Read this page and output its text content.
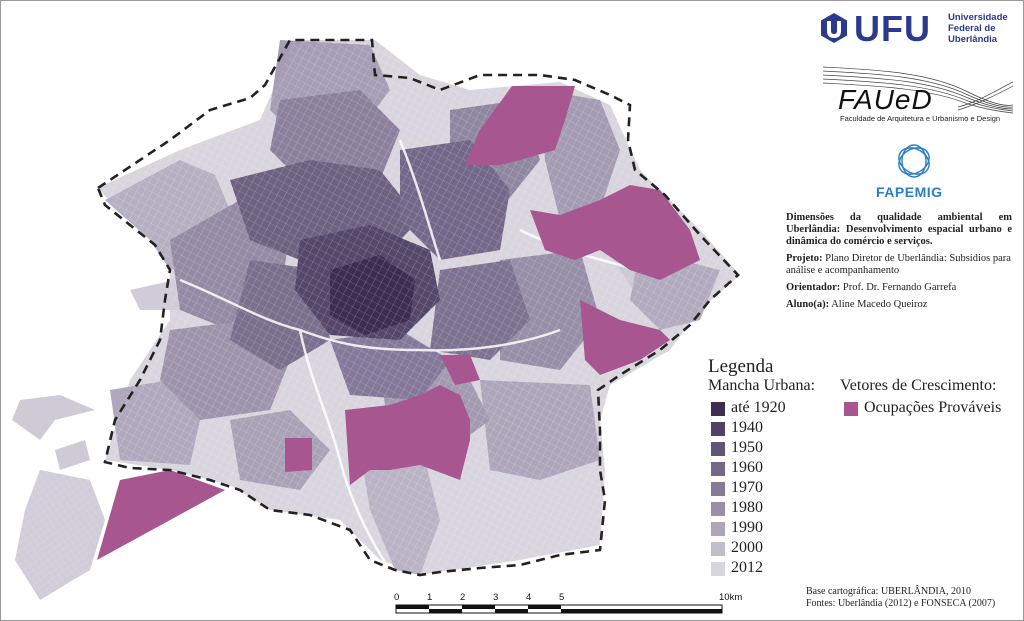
UFU Universidade
Federal de
Uberlândia
FAUeD
Faculdade de Arquitetura e Urbanismo e Design
FAPEMIG
Dimensões da qualidade ambiental em Uberlândia: Desenvolvimento espacial urbano e dinâmica do comércio e serviços.

Projeto: Plano Diretor de Uberlândia: Subsídios para análise e acompanhamento

Orientador: Prof. Dr. Fernando Garrefa

Aluno(a): Aline Macedo Queiroz

Legenda
Mancha Urbana: Vetores de Crescimento:
até 1920
1940
1950
1960
1970
1980
1990
2000
2012
Ocupações Prováveis
Base cartográfica: UBERLÂNDIA, 2010
Fontes: Uberlândia (2012) e FONSECA (2007)
0	1	2	3	4	5	10km
